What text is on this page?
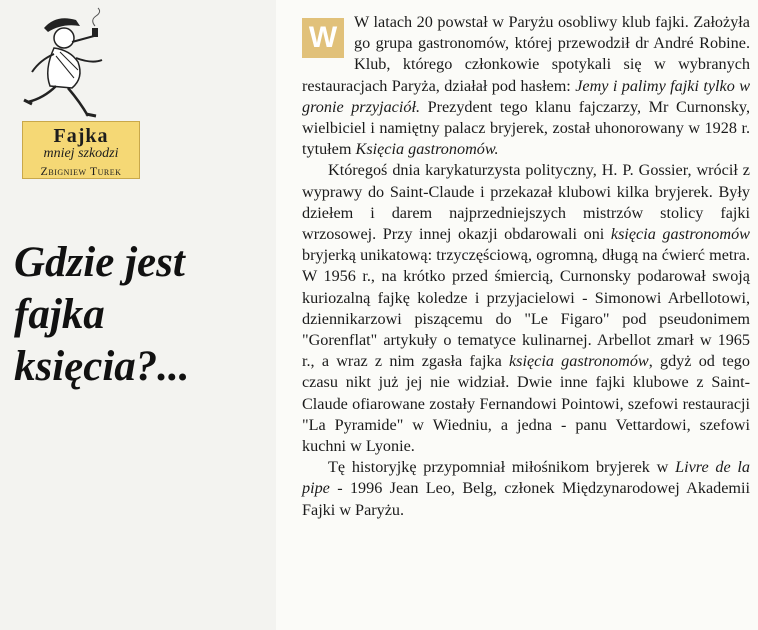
Fajka
mniej szkodzi
Zbigniew Turek
Gdzie jest
fajka
księcia?...

W	W latach 20 powstał w Paryżu osobliwy klub fajki. Założyła go grupa gastronomów, której przewodził dr André Robine. Klub, którego członkowie spotykali się w wybranych restauracjach Paryża, działał pod hasłem: Jemy i palimy fajki tylko w gronie przyjaciół. Prezydent tego klanu fajczarzy, Mr Curnonsky, wielbiciel i namiętny palacz bryjerek, został uhonorowany w 1928 r. tytułem Księcia gastronomów.

Któregoś dnia karykaturzysta polityczny, H. P. Gossier, wrócił z wyprawy do Saint-Claude i przekazał klubowi kilka bryjerek. Były dziełem i darem najprzedniejszych mistrzów stolicy fajki wrzosowej. Przy innej okazji obdarowali oni księcia gastronomów bryjerką unikatową: trzyczęściową, ogromną, długą na ćwierć metra. W 1956 r., na krótko przed śmiercią, Curnonsky podarował swoją kuriozalną fajkę koledze i przyjacielowi - Simonowi Arbellotowi, dziennikarzowi piszącemu do "Le Figaro" pod pseudonimem "Gorenflat" artykuły o tematyce kulinarnej. Arbellot zmarł w 1965 r., a wraz z nim zgasła fajka księcia gastronomów, gdyż od tego czasu nikt już jej nie widział. Dwie inne fajki klubowe z Saint-Claude ofiarowane zostały Fernandowi Pointowi, szefowi restauracji "La Pyramide" w Wiedniu, a jedna - panu Vettardowi, szefowi kuchni w Lyonie.

Tę historyjkę przypomniał miłośnikom bryjerek w Livre de la pipe - 1996 Jean Leo, Belg, członek Międzynarodowej Akademii Fajki w Paryżu.
